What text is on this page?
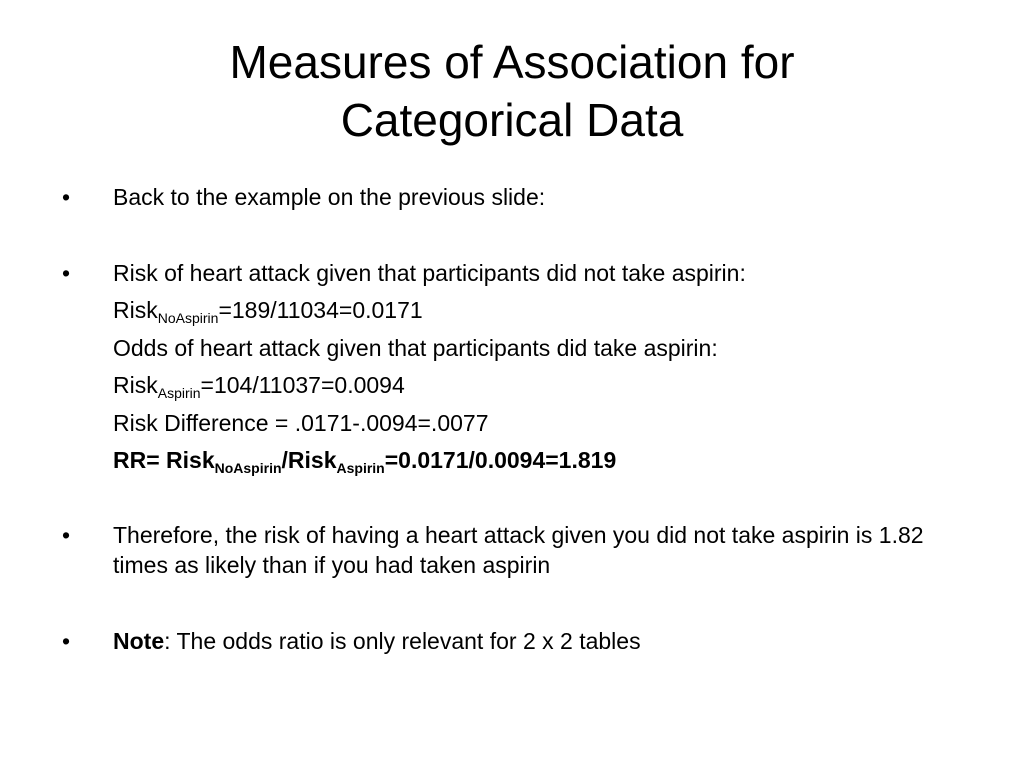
Measures of Association for
Categorical Data
• Back to the example on the previous slide:
• Risk of heart attack given that participants did not take aspirin:
Risk$_{NoAspirin}$=189/11034=0.0171
Odds of heart attack given that participants did take aspirin:
Risk$_{Aspirin}$=104/11037=0.0094
Risk Difference = .0171-.0094=.0077
RR= Risk$_{NoAspirin}$/Risk$_{Aspirin}$=0.0171/0.0094=1.819
• Therefore, the risk of having a heart attack given you did not take aspirin is 1.82 times as likely than if you had taken aspirin
• Note: The odds ratio is only relevant for 2 x 2 tables
